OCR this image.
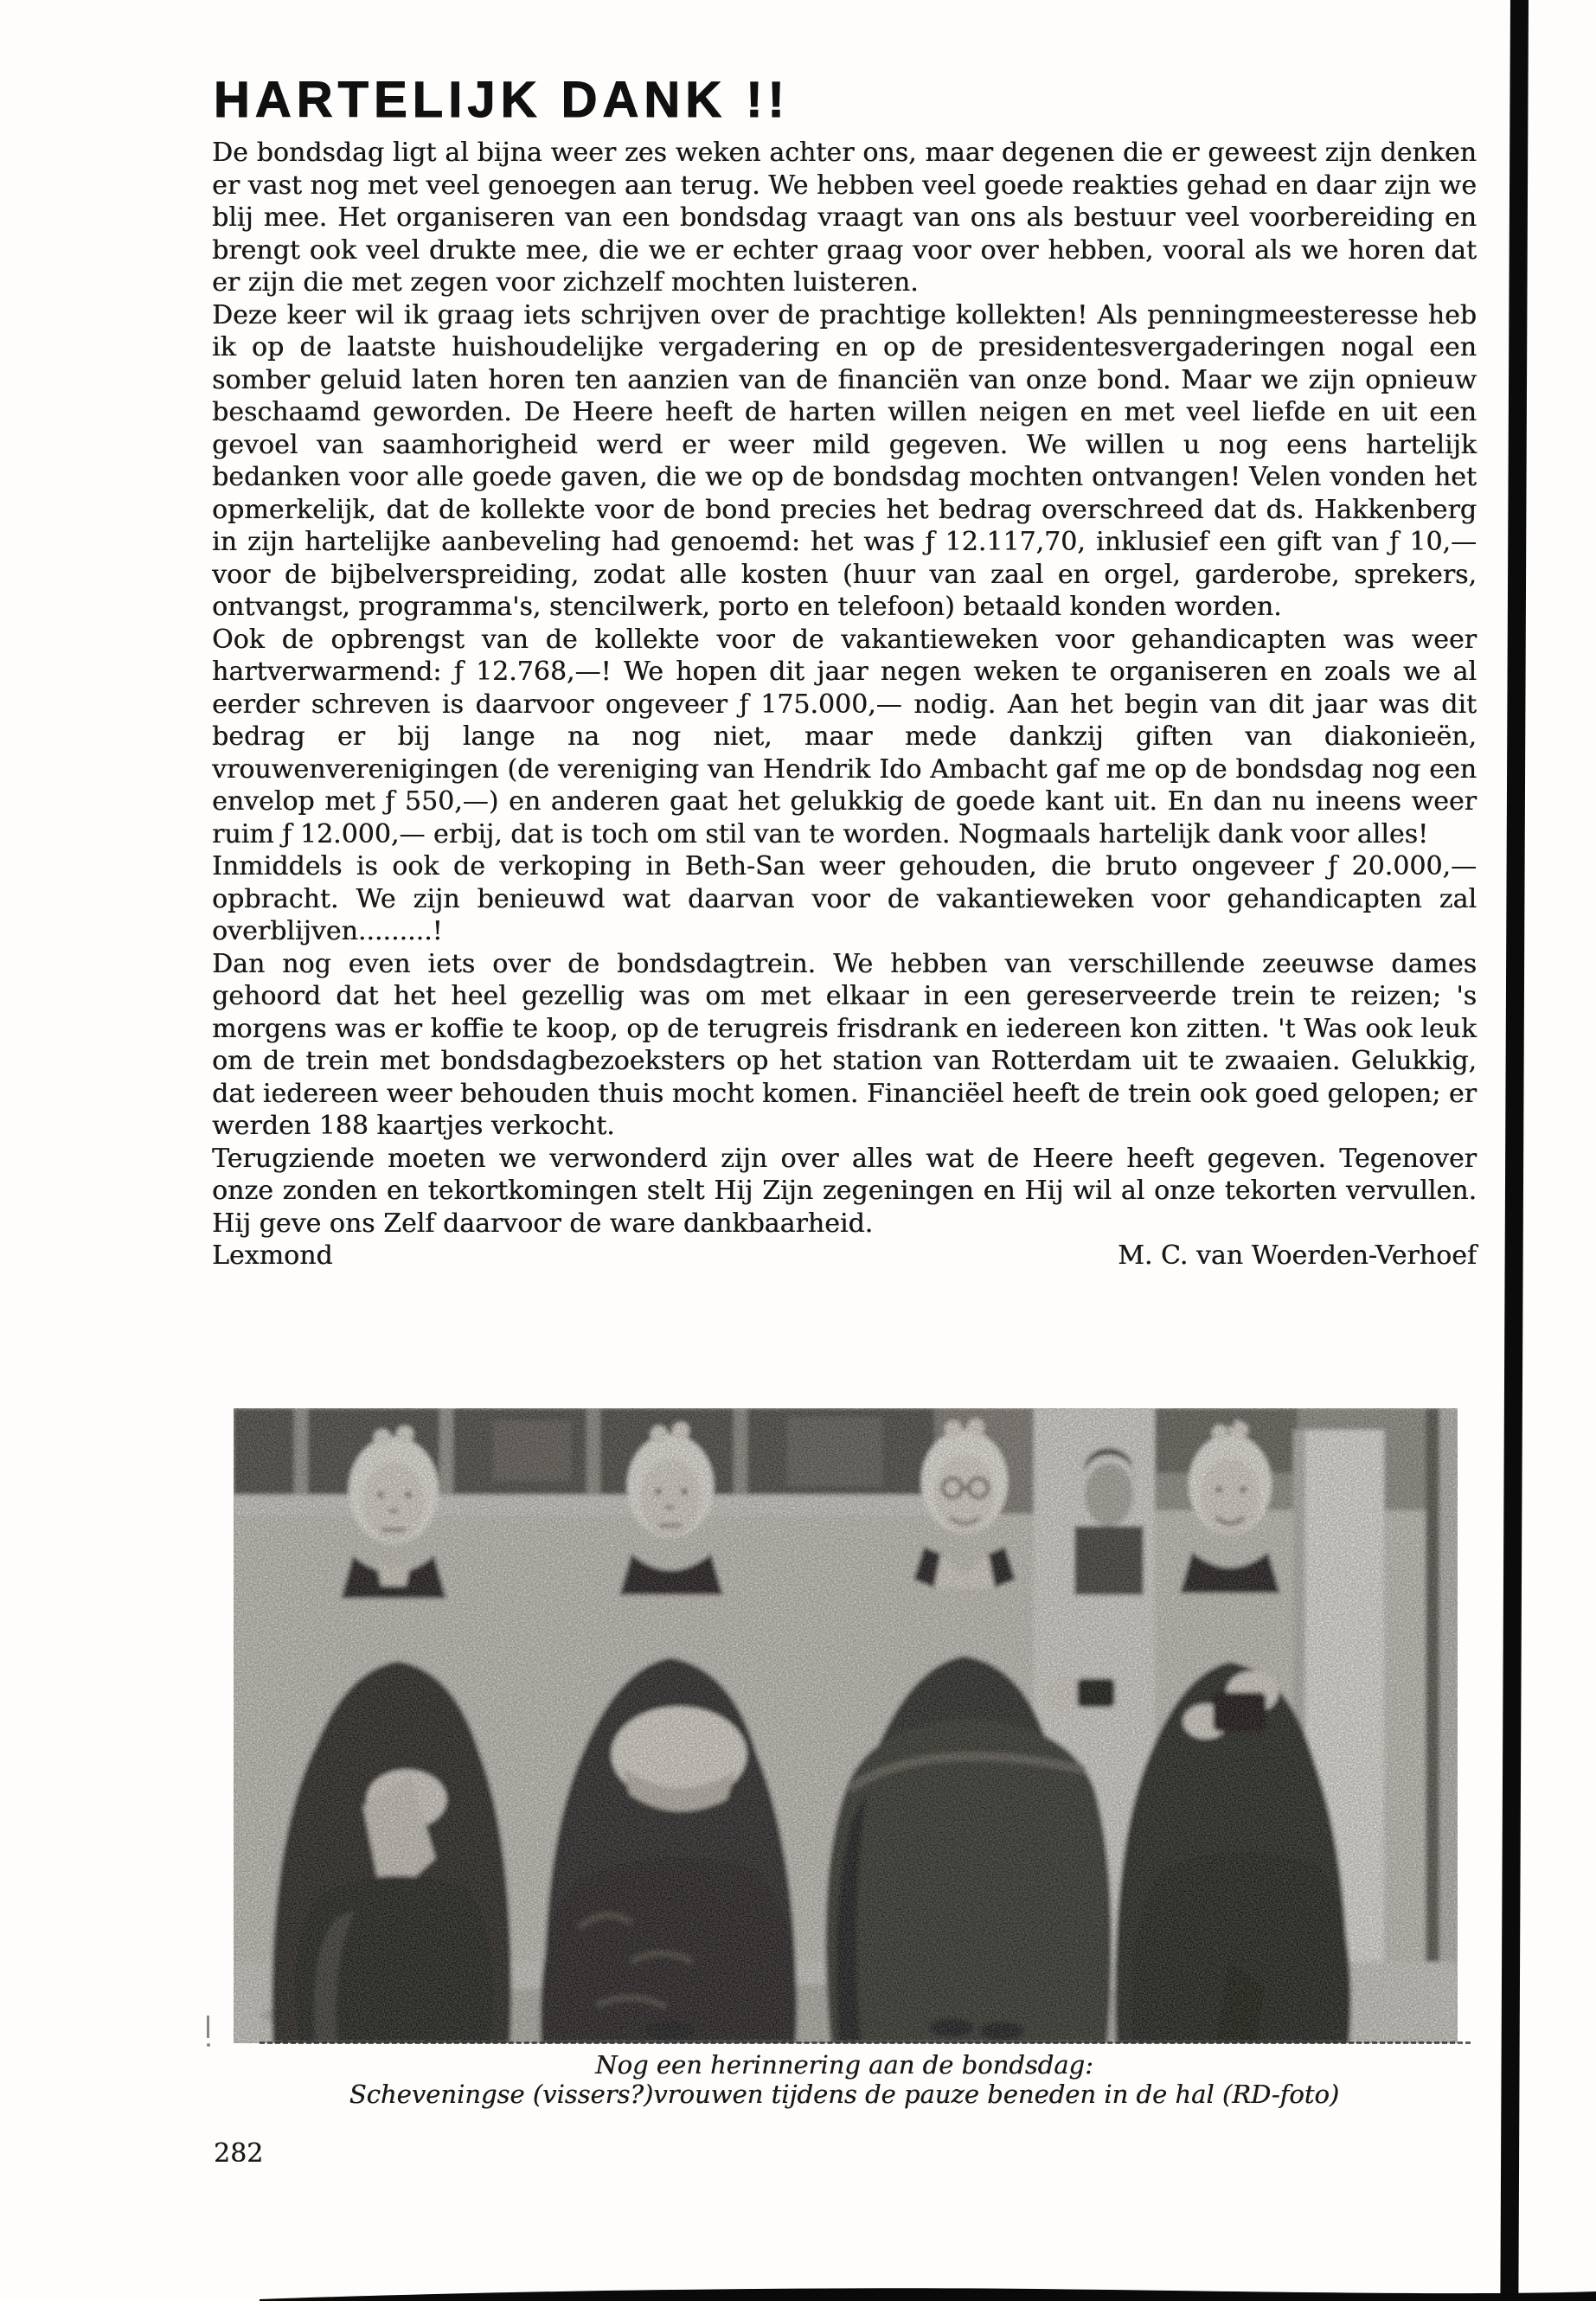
HARTELIJK DANK !!

De bondsdag ligt al bijna weer zes weken achter ons, maar degenen die er geweest zijn denken er vast nog met veel genoegen aan terug. We hebben veel goede reakties gehad en daar zijn we blij mee. Het organiseren van een bondsdag vraagt van ons als bestuur veel voorbereiding en brengt ook veel drukte mee, die we er echter graag voor over hebben, vooral als we horen dat er zijn die met zegen voor zichzelf mochten luisteren.

Deze keer wil ik graag iets schrijven over de prachtige kollekten! Als penningmeesteresse heb ik op de laatste huishoudelijke vergadering en op de presidentesvergaderingen nogal een somber geluid laten horen ten aanzien van de financiën van onze bond. Maar we zijn opnieuw beschaamd geworden. De Heere heeft de harten willen neigen en met veel liefde en uit een gevoel van saamhorigheid werd er weer mild gegeven. We willen u nog eens hartelijk bedanken voor alle goede gaven, die we op de bondsdag mochten ontvangen! Velen vonden het opmerkelijk, dat de kollekte voor de bond precies het bedrag overschreed dat ds. Hakkenberg in zijn hartelijke aanbeveling had genoemd: het was ƒ 12.117,70, inklusief een gift van ƒ 10,— voor de bijbelverspreiding, zodat alle kosten (huur van zaal en orgel, garderobe, sprekers, ontvangst, programma's, stencilwerk, porto en telefoon) betaald konden worden.

Ook de opbrengst van de kollekte voor de vakantieweken voor gehandicapten was weer hartverwarmend: ƒ 12.768,—! We hopen dit jaar negen weken te organiseren en zoals we al eerder schreven is daarvoor ongeveer ƒ 175.000,— nodig. Aan het begin van dit jaar was dit bedrag er bij lange na nog niet, maar mede dankzij giften van diakonieën, vrouwenverenigingen (de vereniging van Hendrik Ido Ambacht gaf me op de bondsdag nog een envelop met ƒ 550,—) en anderen gaat het gelukkig de goede kant uit. En dan nu ineens weer ruim ƒ 12.000,— erbij, dat is toch om stil van te worden. Nogmaals hartelijk dank voor alles!

Inmiddels is ook de verkoping in Beth-San weer gehouden, die bruto ongeveer ƒ 20.000,— opbracht. We zijn benieuwd wat daarvan voor de vakantieweken voor gehandicapten zal overblijven.........!

Dan nog even iets over de bondsdagtrein. We hebben van verschillende zeeuwse dames gehoord dat het heel gezellig was om met elkaar in een gereserveerde trein te reizen; 's morgens was er koffie te koop, op de terugreis frisdrank en iedereen kon zitten. 't Was ook leuk om de trein met bondsdagbezoeksters op het station van Rotterdam uit te zwaaien. Gelukkig, dat iedereen weer behouden thuis mocht komen. Financiëel heeft de trein ook goed gelopen; er werden 188 kaartjes verkocht.

Terugziende moeten we verwonderd zijn over alles wat de Heere heeft gegeven. Tegenover onze zonden en tekortkomingen stelt Hij Zijn zegeningen en Hij wil al onze tekorten vervullen. Hij geve ons Zelf daarvoor de ware dankbaarheid.

Lexmond	M. C. van Woerden-Verhoef
Nog een herinnering aan de bondsdag:
Scheveningse (vissers?)vrouwen tijdens de pauze beneden in de hal (RD-foto)
282
